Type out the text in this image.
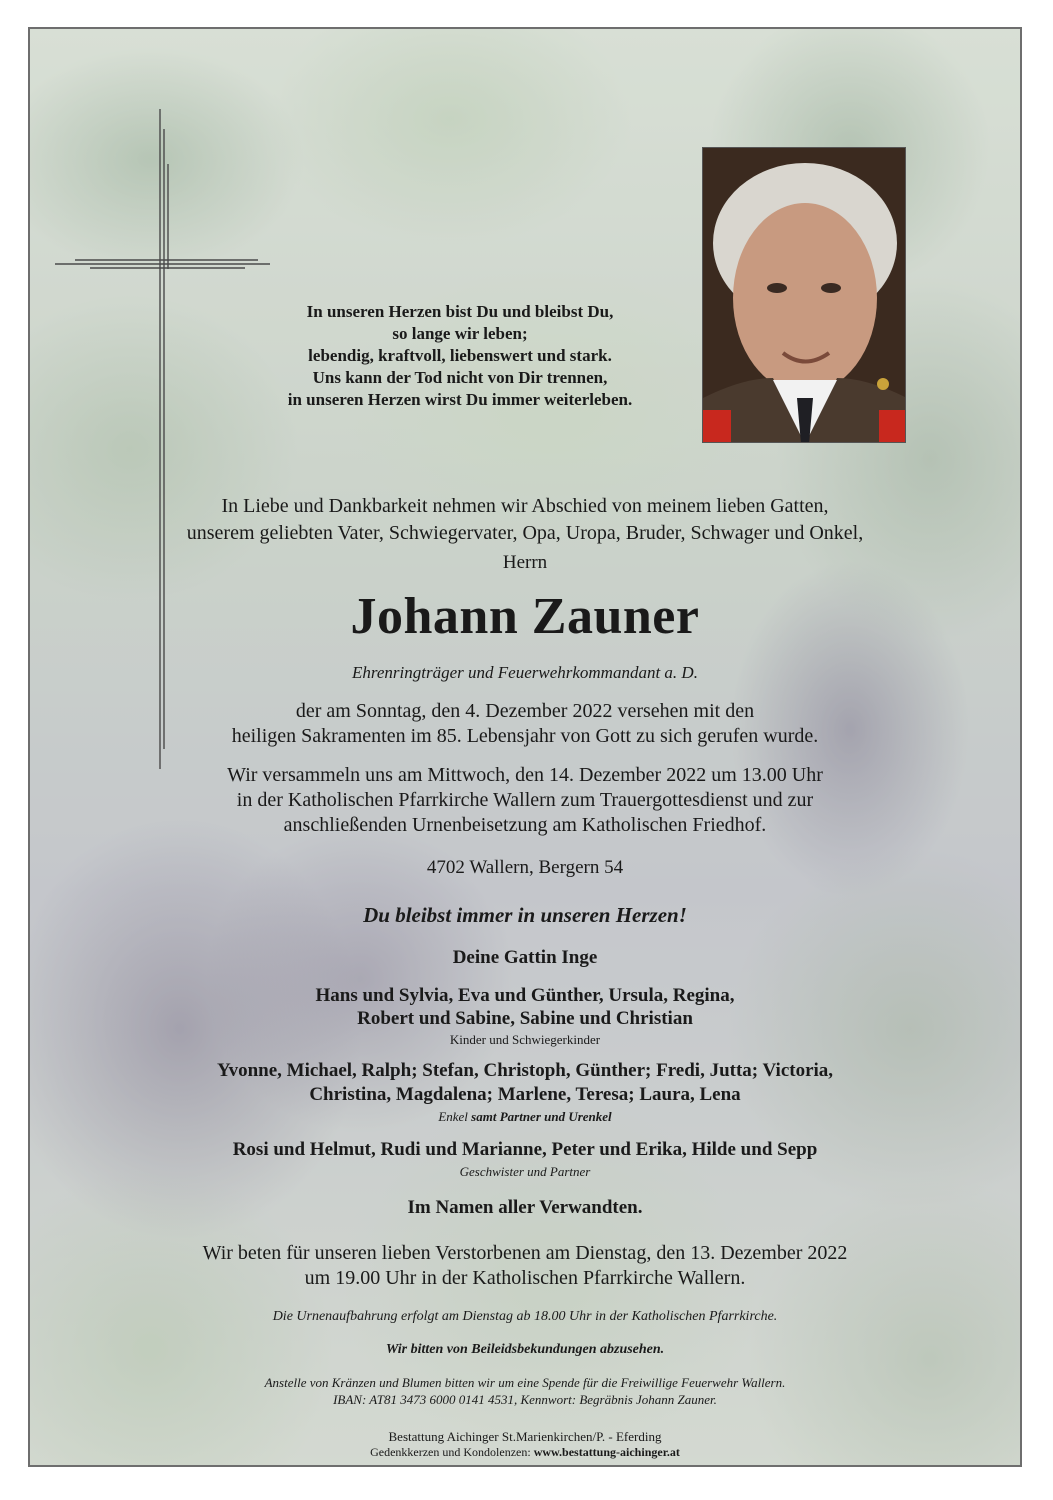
In unseren Herzen bist Du und bleibst Du,
so lange wir leben;
lebendig, kraftvoll, liebenswert und stark.
Uns kann der Tod nicht von Dir trennen,
in unseren Herzen wirst Du immer weiterleben.
In Liebe und Dankbarkeit nehmen wir Abschied von meinem lieben Gatten,
unserem geliebten Vater, Schwiegervater, Opa, Uropa, Bruder, Schwager und Onkel,
Herrn
Johann Zauner
Ehrenringträger und Feuerwehrkommandant a. D.
der am Sonntag, den 4. Dezember 2022 versehen mit den
heiligen Sakramenten im 85. Lebensjahr von Gott zu sich gerufen wurde.
Wir versammeln uns am Mittwoch, den 14. Dezember 2022 um 13.00 Uhr
in der Katholischen Pfarrkirche Wallern zum Trauergottesdienst und zur
anschließenden Urnenbeisetzung am Katholischen Friedhof.
4702 Wallern, Bergern 54
Du bleibst immer in unseren Herzen!
Deine Gattin Inge
Hans und Sylvia, Eva und Günther, Ursula, Regina,
Robert und Sabine, Sabine und Christian
Kinder und Schwiegerkinder
Yvonne, Michael, Ralph; Stefan, Christoph, Günther; Fredi, Jutta; Victoria,
Christina, Magdalena; Marlene, Teresa; Laura, Lena
Enkel samt Partner und Urenkel
Rosi und Helmut, Rudi und Marianne, Peter und Erika, Hilde und Sepp
Geschwister und Partner
Im Namen aller Verwandten.
Wir beten für unseren lieben Verstorbenen am Dienstag, den 13. Dezember 2022
um 19.00 Uhr in der Katholischen Pfarrkirche Wallern.
Die Urnenaufbahrung erfolgt am Dienstag ab 18.00 Uhr in der Katholischen Pfarrkirche.
Wir bitten von Beileidsbekundungen abzusehen.
Anstelle von Kränzen und Blumen bitten wir um eine Spende für die Freiwillige Feuerwehr Wallern.
IBAN: AT81 3473 6000 0141 4531, Kennwort: Begräbnis Johann Zauner.
Bestattung Aichinger St.Marienkirchen/P. - Eferding
Gedenkkerzen und Kondolenzen: www.bestattung-aichinger.at
